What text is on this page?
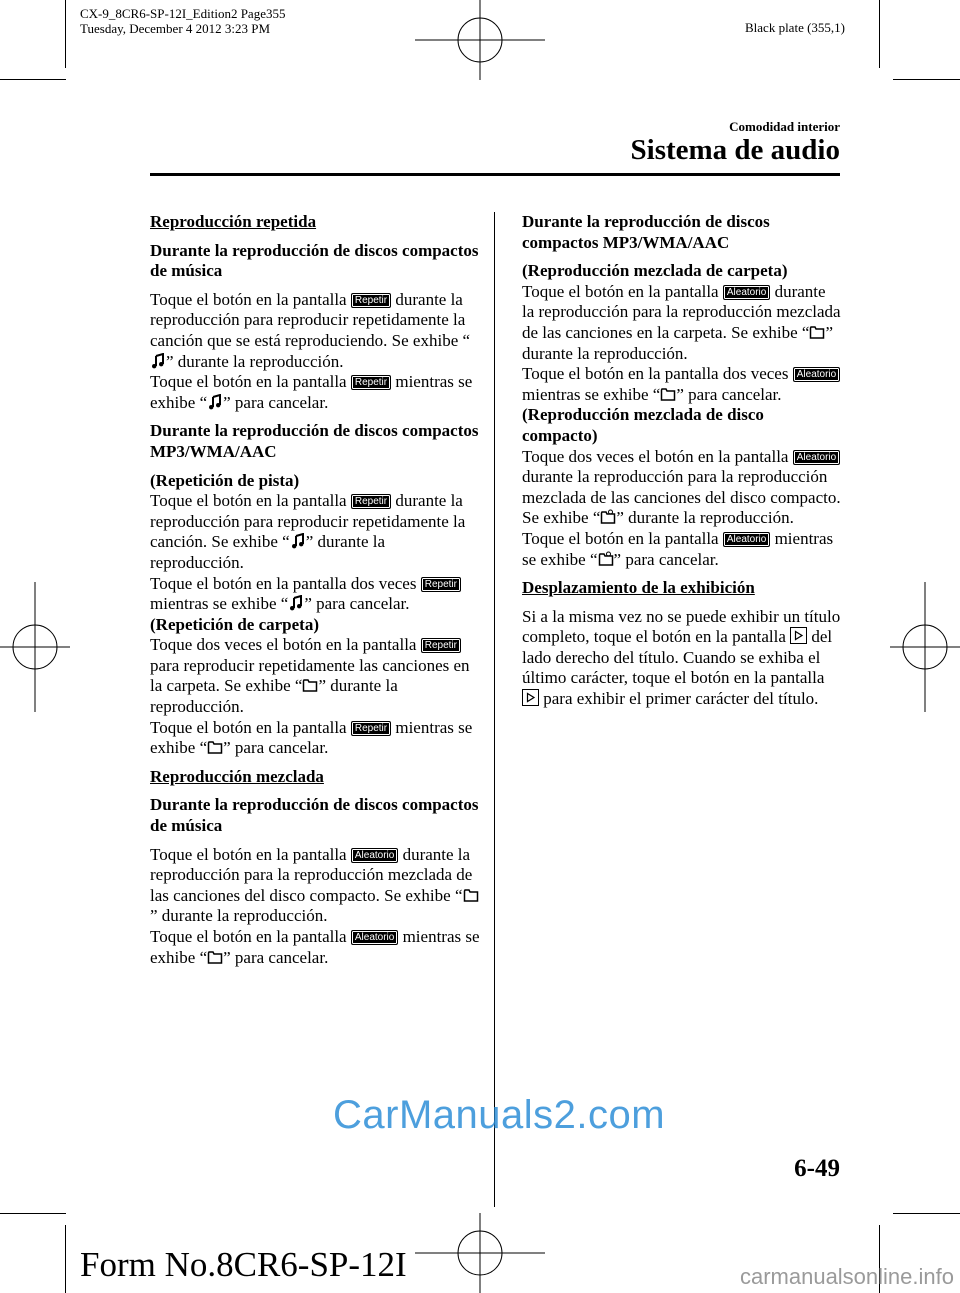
CX-9_8CR6-SP-12I_Edition2 Page355
Tuesday, December 4 2012 3:23 PM	Black plate (355,1)
Comodidad interior
Sistema de audio

Reproducción repetida

Durante la reproducción de discos compactos de música

Toque el botón en la pantalla Repetir durante la reproducción para reproducir repetidamente la canción que se está reproduciendo. Se exhibe “
” durante la reproducción.
Toque el botón en la pantalla Repetir mientras se exhibe “ ” para cancelar.

Durante la reproducción de discos compactos MP3/WMA/AAC

(Repetición de pista)
Toque el botón en la pantalla Repetir durante la reproducción para reproducir repetidamente la canción. Se exhibe “ ” durante la reproducción.
Toque el botón en la pantalla dos veces Repetir mientras se exhibe “ ” para cancelar.
(Repetición de carpeta)
Toque dos veces el botón en la pantalla Repetir para reproducir repetidamente las canciones en la carpeta. Se exhibe “ ” durante la reproducción.
Toque el botón en la pantalla Repetir mientras se exhibe “ ” para cancelar.

Reproducción mezclada

Durante la reproducción de discos compactos de música

Toque el botón en la pantalla Aleatorio durante la reproducción para la reproducción mezclada de las canciones del disco compacto. Se exhibe “
” durante la reproducción.
Toque el botón en la pantalla Aleatorio mientras se exhibe “ ” para cancelar.

Durante la reproducción de discos compactos MP3/WMA/AAC

(Reproducción mezclada de carpeta)
Toque el botón en la pantalla Aleatorio durante la reproducción para la reproducción mezclada de las canciones en la carpeta. Se exhibe “ ” durante la reproducción.
Toque el botón en la pantalla dos veces Aleatorio mientras se exhibe “ ” para cancelar.
(Reproducción mezclada de disco compacto)
Toque dos veces el botón en la pantalla Aleatorio durante la reproducción para la reproducción mezclada de las canciones del disco compacto. Se exhibe “ ” durante la reproducción.
Toque el botón en la pantalla Aleatorio mientras se exhibe “ ” para cancelar.

Desplazamiento de la exhibición

Si a la misma vez no se puede exhibir un título completo, toque el botón en la pantalla del lado derecho del título. Cuando se exhiba el último carácter, toque el botón en la pantalla
para exhibir el primer carácter del título.

CarManuals2.com
6-49
Form No.8CR6-SP-12I	carmanualsonline.info
